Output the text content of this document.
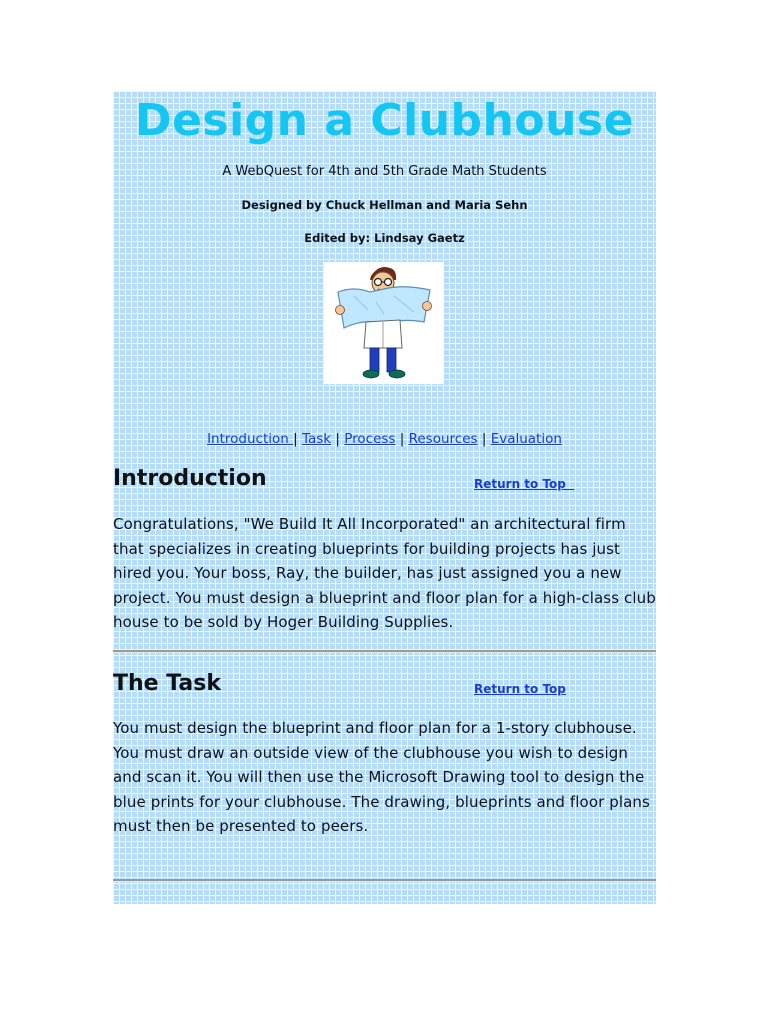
Design a Clubhouse
A WebQuest for 4th and 5th Grade Math Students
Designed by Chuck Hellman and Maria Sehn
Edited by: Lindsay Gaetz
Introduction | Task | Process | Resources | Evaluation
Introduction	Return to Top

Congratulations, "We Build It All Incorporated" an architectural firm that specializes in creating blueprints for building projects has just hired you. Your boss, Ray, the builder, has just assigned you a new project. You must design a blueprint and floor plan for a high-class club house to be sold by Hoger Building Supplies.

The Task	Return to Top

You must design the blueprint and floor plan for a 1-story clubhouse. You must draw an outside view of the clubhouse you wish to design and scan it. You will then use the Microsoft Drawing tool to design the blue prints for your clubhouse. The drawing, blueprints and floor plans must then be presented to peers.
